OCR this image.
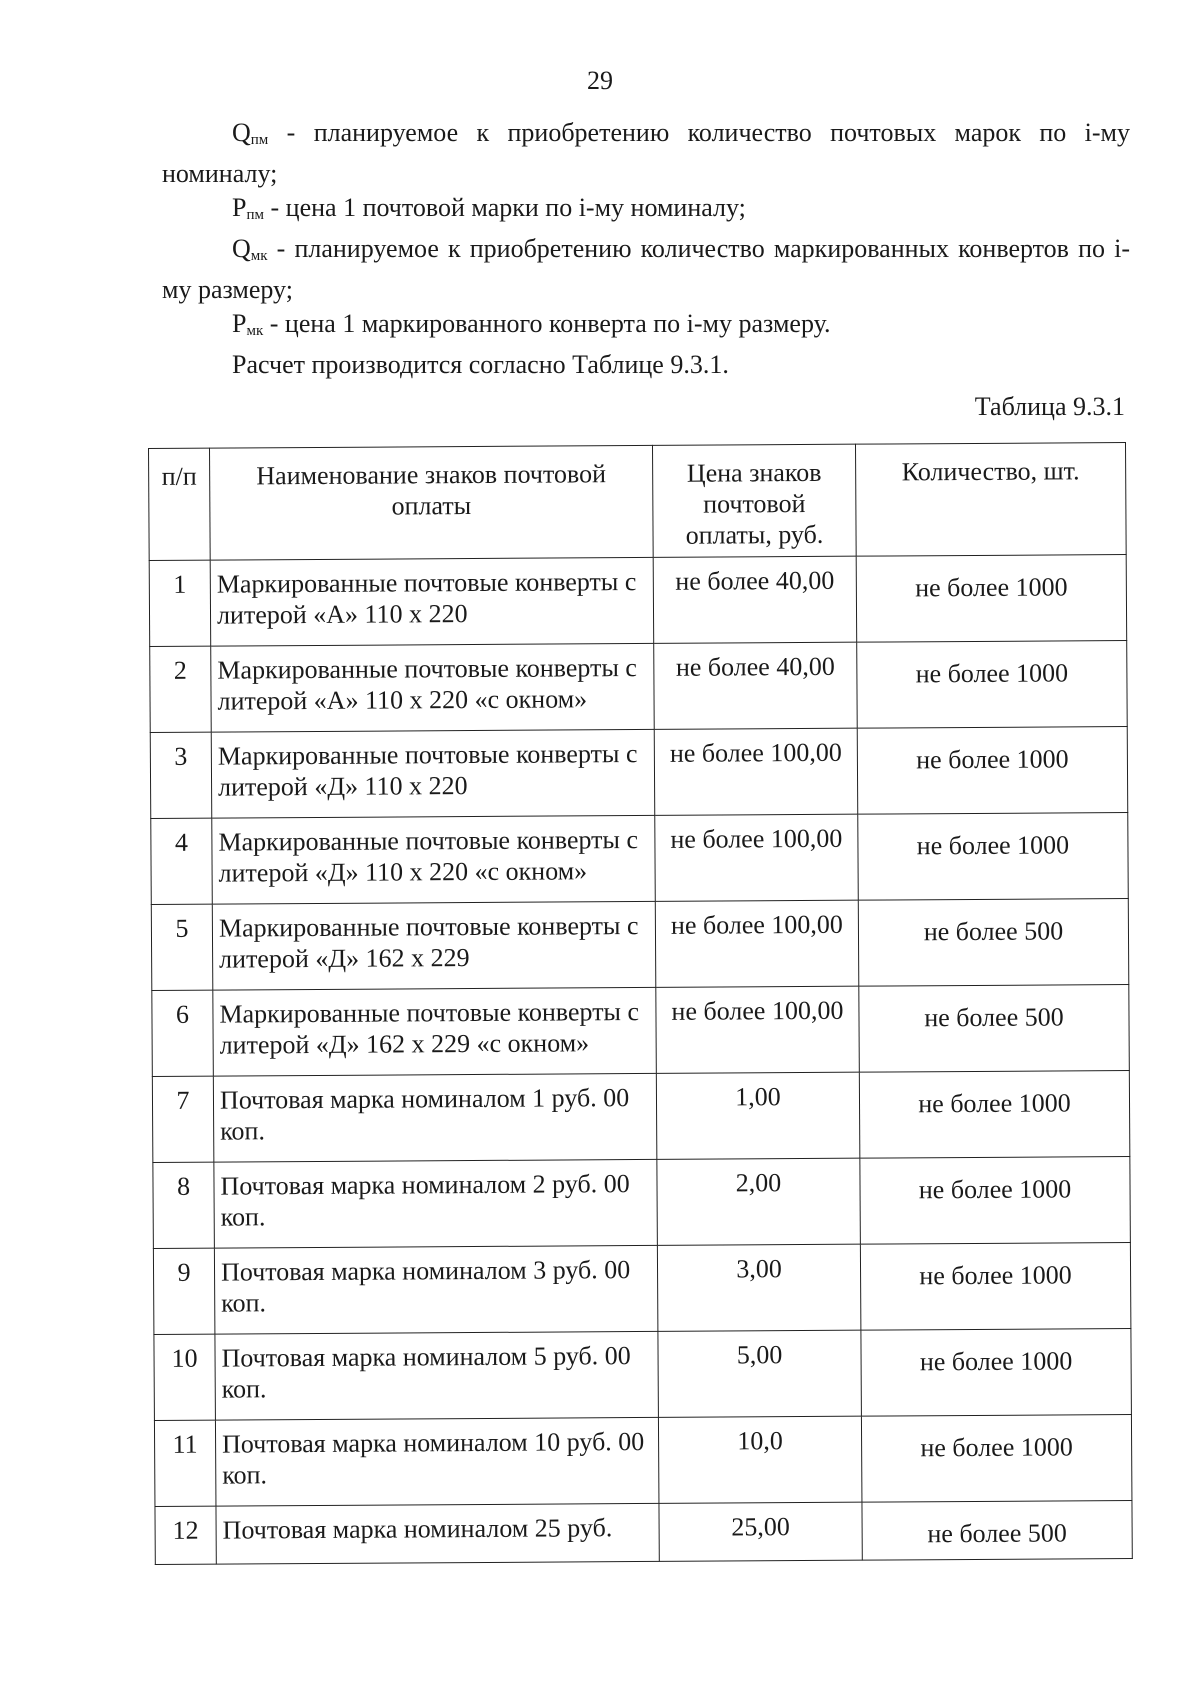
29

$Q_{пм}$ - планируемое к приобретению количество почтовых марок по i-му номиналу;

$P_{пм}$ - цена 1 почтовой марки по i-му номиналу;

$Q_{мк}$ - планируемое к приобретению количество маркированных конвертов по i-му размеру;

$P_{мк}$ - цена 1 маркированного конверта по i-му размеру.

Расчет производится согласно Таблице 9.3.1.

Таблица 9.3.1
п/п	Наименование знаков почтовой оплаты	Цена знаков почтовой оплаты, руб.	Количество, шт.
1	Маркированные почтовые конверты с литерой «А» 110 х 220	не более 40,00	не более 1000
2	Маркированные почтовые конверты с литерой «А» 110 х 220 «с окном»	не более 40,00	не более 1000
3	Маркированные почтовые конверты с литерой «Д» 110 х 220	не более 100,00	не более 1000
4	Маркированные почтовые конверты с литерой «Д» 110 х 220 «с окном»	не более 100,00	не более 1000
5	Маркированные почтовые конверты с литерой «Д» 162 х 229	не более 100,00	не более 500
6	Маркированные почтовые конверты с литерой «Д» 162 х 229 «с окном»	не более 100,00	не более 500
7	Почтовая марка номиналом 1 руб. 00 коп.	1,00	не более 1000
8	Почтовая марка номиналом 2 руб. 00 коп.	2,00	не более 1000
9	Почтовая марка номиналом 3 руб. 00 коп.	3,00	не более 1000
10	Почтовая марка номиналом 5 руб. 00 коп.	5,00	не более 1000
11	Почтовая марка номиналом 10 руб. 00 коп.	10,0	не более 1000
12	Почтовая марка номиналом 25 руб.	25,00	не более 500
